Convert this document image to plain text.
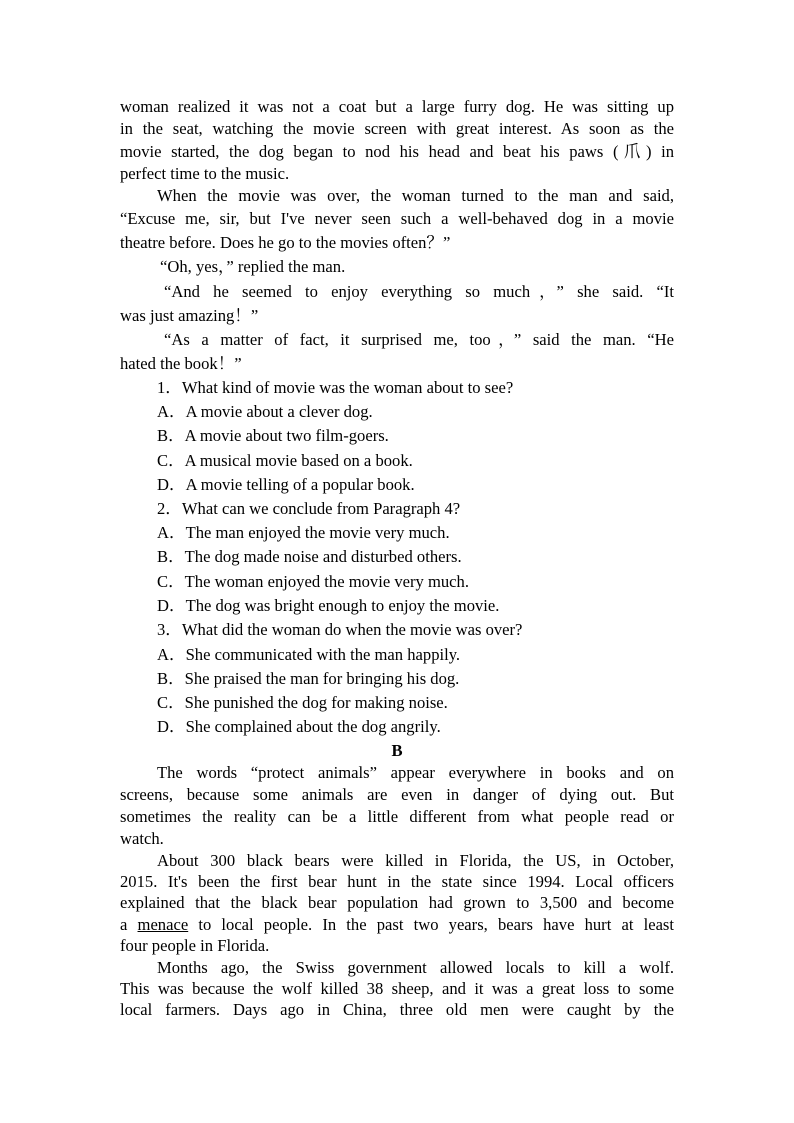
woman realized it was not a coat but a large furry dog. He was sitting up
in the seat, watching the movie screen with great interest. As soon as the
movie started, the dog began to nod his head and beat his paws (爪) in
perfect time to the music.
When the movie was over, the woman turned to the man and said,
“Excuse me, sir, but I've never seen such a well-behaved dog in a movie
theatre before. Does he go to the movies often？”
“Oh, yes，” replied the man.
“And he seemed to enjoy everything so much，” she said. “It
was just amazing！”
“As a matter of fact, it surprised me, too，” said the man. “He
hated the book！”
1．What kind of movie was the woman about to see?
A．A movie about a clever dog.
B．A movie about two film-goers.
C．A musical movie based on a book.
D．A movie telling of a popular book.
2．What can we conclude from Paragraph 4?
A．The man enjoyed the movie very much.
B．The dog made noise and disturbed others.
C．The woman enjoyed the movie very much.
D．The dog was bright enough to enjoy the movie.
3．What did the woman do when the movie was over?
A．She communicated with the man happily.
B．She praised the man for bringing his dog.
C．She punished the dog for making noise.
D．She complained about the dog angrily.
B
The words “protect animals” appear everywhere in books and on
screens, because some animals are even in danger of dying out. But
sometimes the reality can be a little different from what people read or
watch.
About 300 black bears were killed in Florida, the US, in October,
2015. It's been the first bear hunt in the state since 1994. Local officers
explained that the black bear population had grown to 3,500 and become
a menace to local people. In the past two years, bears have hurt at least
four people in Florida.
Months ago, the Swiss government allowed locals to kill a wolf.
This was because the wolf killed 38 sheep, and it was a great loss to some
local farmers. Days ago in China, three old men were caught by the
